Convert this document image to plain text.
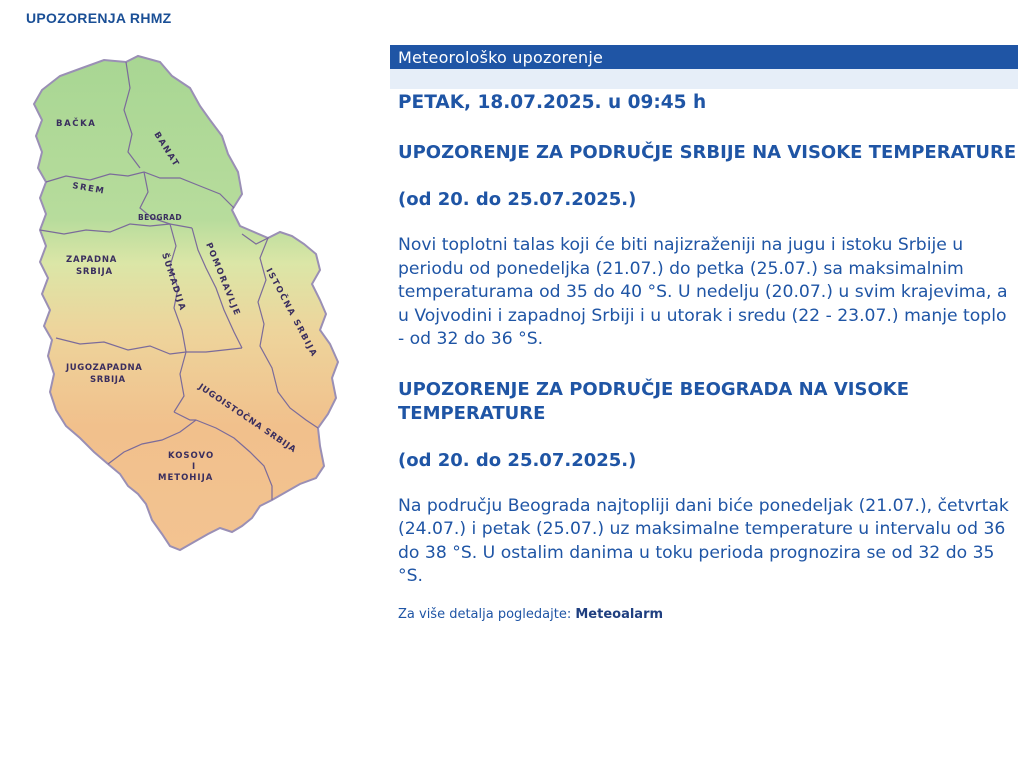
UPOZORENJA RHMZ
BAČKA
BANAT
SREM
BEOGRAD
ZAPADNA
SRBIJA	ŠUMADIJA POMORAVLJE	ISTOČNA SRBIJA
JUGOZAPADNA
SRBIJA
JUGOISTOČNA SRBIJA
KOSOVO
I
METOHIJA
Meteorološko upozorenje
PETAK, 18.07.2025. u 09:45 h
UPOZORENJE ZA PODRUČJE SRBIJE NA VISOKE TEMPERATURE
(od 20. do 25.07.2025.)
Novi toplotni talas koji će biti najizraženiji na jugu i istoku Srbije u periodu od ponedeljka (21.07.) do petka (25.07.) sa maksimalnim temperaturama od 35 do 40 °S. U nedelju (20.07.) u svim krajevima, a u Vojvodini i zapadnoj Srbiji i u utorak i sredu (22 - 23.07.) manje toplo - od 32 do 36 °S.
UPOZORENJE ZA PODRUČJE BEOGRADA NA VISOKE TEMPERATURE
(od 20. do 25.07.2025.)
Na području Beograda najtopliji dani biće ponedeljak (21.07.), četvrtak (24.07.) i petak (25.07.) uz maksimalne temperature u intervalu od 36 do 38 °S. U ostalim danima u toku perioda prognozira se od 32 do 35 °S.
Za više detalja pogledajte: Meteoalarm
